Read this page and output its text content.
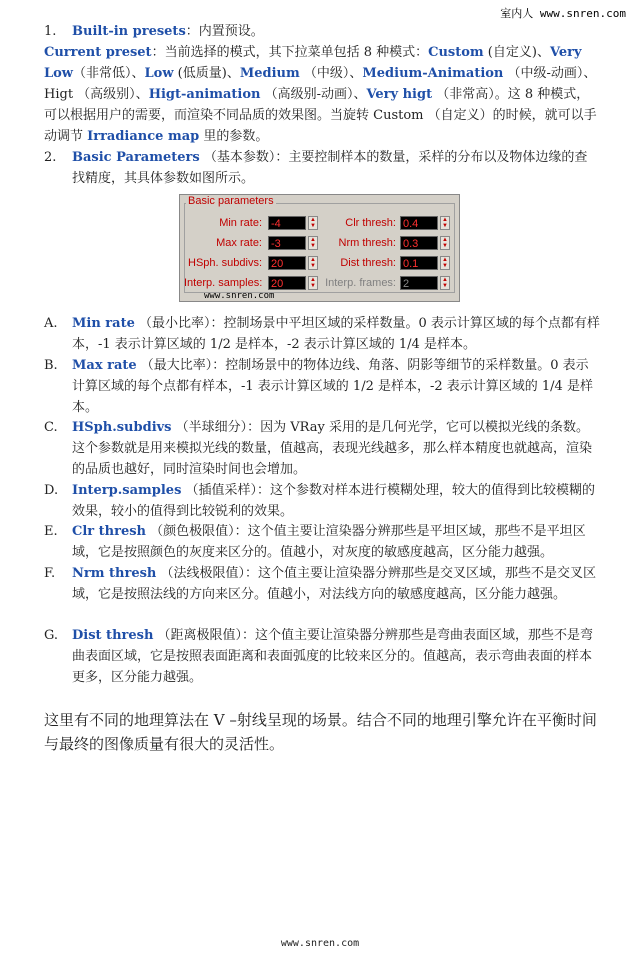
室内人 www.snren.com
1.	Built-in presets：内置预设。

Current preset：当前选择的模式，其下拉菜单包括 8 种模式：Custom (自定义)、Very Low（非常低）、Low (低质量)、Medium （中级）、Medium-Animation （中级-动画）、Higt （高级别）、Higt-animation （高级别-动画）、Very higt （非常高）。这 8 种模式，可以根据用户的需要，而渲染不同品质的效果图。当旋转 Custom （自定义）的时候，就可以手动调节 Irradiance map 里的参数。

2.	Basic Parameters （基本参数）：主要控制样本的数量，采样的分布以及物体边缘的查找精度，其具体参数如图所示。
Basic parameters
Min rate: -4	▲
▼
Max rate: -3	▲
▼
HSph. subdivs: 20	▲
▼
Interp. samples: 20	▲
▼
Clr thresh: 0.4	▲
▼
Nrm thresh: 0.3	▲
▼
Dist thresh: 0.1	▲
▼
Interp. frames: 2	▲
▼
www.snren.com
A.	Min rate （最小比率）：控制场景中平坦区域的采样数量。0 表示计算区域的每个点都有样本，-1 表示计算区域的 1/2 是样本，-2 表示计算区域的 1/4 是样本。
B.	Max rate （最大比率）：控制场景中的物体边线、角落、阴影等细节的采样数量。0 表示计算区域的每个点都有样本，-1 表示计算区域的 1/2 是样本，-2 表示计算区域的 1/4 是样本。
C.	HSph.subdivs （半球细分）：因为 VRay 采用的是几何光学，它可以模拟光线的条数。这个参数就是用来模拟光线的数量，值越高，表现光线越多，那么样本精度也就越高，渲染的品质也越好，同时渲染时间也会增加。
D.	Interp.samples （插值采样）：这个参数对样本进行模糊处理，较大的值得到比较模糊的效果，较小的值得到比较锐利的效果。
E.	Clr thresh （颜色极限值）：这个值主要让渲染器分辨那些是平坦区域，那些不是平坦区域，它是按照颜色的灰度来区分的。值越小，对灰度的敏感度越高，区分能力越强。
F.	Nrm thresh （法线极限值）：这个值主要让渲染器分辨那些是交叉区域，那些不是交叉区域，它是按照法线的方向来区分。值越小，对法线方向的敏感度越高，区分能力越强。
G.	Dist thresh （距离极限值）：这个值主要让渲染器分辨那些是弯曲表面区域，那些不是弯曲表面区域，它是按照表面距离和表面弧度的比较来区分的。值越高，表示弯曲表面的样本更多，区分能力越强。

这里有不同的地理算法在 V –射线呈现的场景。结合不同的地理引擎允许在平衡时间与最终的图像质量有很大的灵活性。

www.snren.com
